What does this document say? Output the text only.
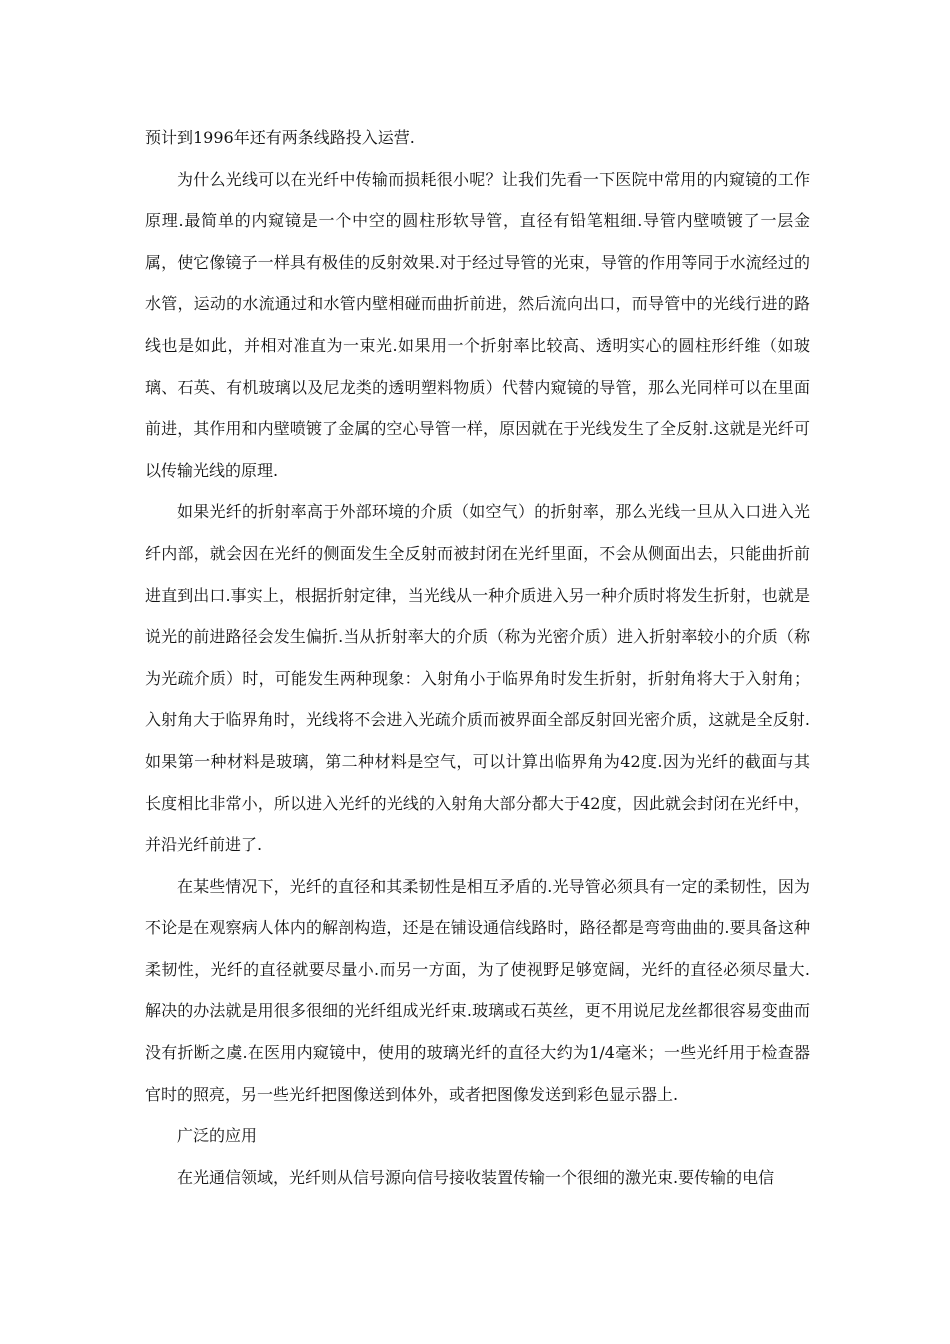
预计到1996年还有两条线路投入运营.

为什么光线可以在光纤中传输而损耗很小呢？让我们先看一下医院中常用的内窥镜的工作原理.最简单的内窥镜是一个中空的圆柱形软导管，直径有铅笔粗细.导管内壁喷镀了一层金属，使它像镜子一样具有极佳的反射效果.对于经过导管的光束，导管的作用等同于水流经过的水管，运动的水流通过和水管内壁相碰而曲折前进，然后流向出口，而导管中的光线行进的路线也是如此，并相对准直为一束光.如果用一个折射率比较高、透明实心的圆柱形纤维（如玻璃、石英、有机玻璃以及尼龙类的透明塑料物质）代替内窥镜的导管，那么光同样可以在里面前进，其作用和内壁喷镀了金属的空心导管一样，原因就在于光线发生了全反射.这就是光纤可以传输光线的原理.

如果光纤的折射率高于外部环境的介质（如空气）的折射率，那么光线一旦从入口进入光纤内部，就会因在光纤的侧面发生全反射而被封闭在光纤里面，不会从侧面出去，只能曲折前进直到出口.事实上，根据折射定律，当光线从一种介质进入另一种介质时将发生折射，也就是说光的前进路径会发生偏折.当从折射率大的介质（称为光密介质）进入折射率较小的介质（称为光疏介质）时，可能发生两种现象：入射角小于临界角时发生折射，折射角将大于入射角；入射角大于临界角时，光线将不会进入光疏介质而被界面全部反射回光密介质，这就是全反射.如果第一种材料是玻璃，第二种材料是空气，可以计算出临界角为42度.因为光纤的截面与其长度相比非常小，所以进入光纤的光线的入射角大部分都大于42度，因此就会封闭在光纤中，并沿光纤前进了.

在某些情况下，光纤的直径和其柔韧性是相互矛盾的.光导管必须具有一定的柔韧性，因为不论是在观察病人体内的解剖构造，还是在铺设通信线路时，路径都是弯弯曲曲的.要具备这种柔韧性，光纤的直径就要尽量小.而另一方面，为了使视野足够宽阔，光纤的直径必须尽量大.解决的办法就是用很多很细的光纤组成光纤束.玻璃或石英丝，更不用说尼龙丝都很容易变曲而没有折断之虞.在医用内窥镜中，使用的玻璃光纤的直径大约为1/4毫米；一些光纤用于检查器官时的照亮，另一些光纤把图像送到体外，或者把图像发送到彩色显示器上.

广泛的应用

在光通信领域，光纤则从信号源向信号接收装置传输一个很细的激光束.要传输的电信
